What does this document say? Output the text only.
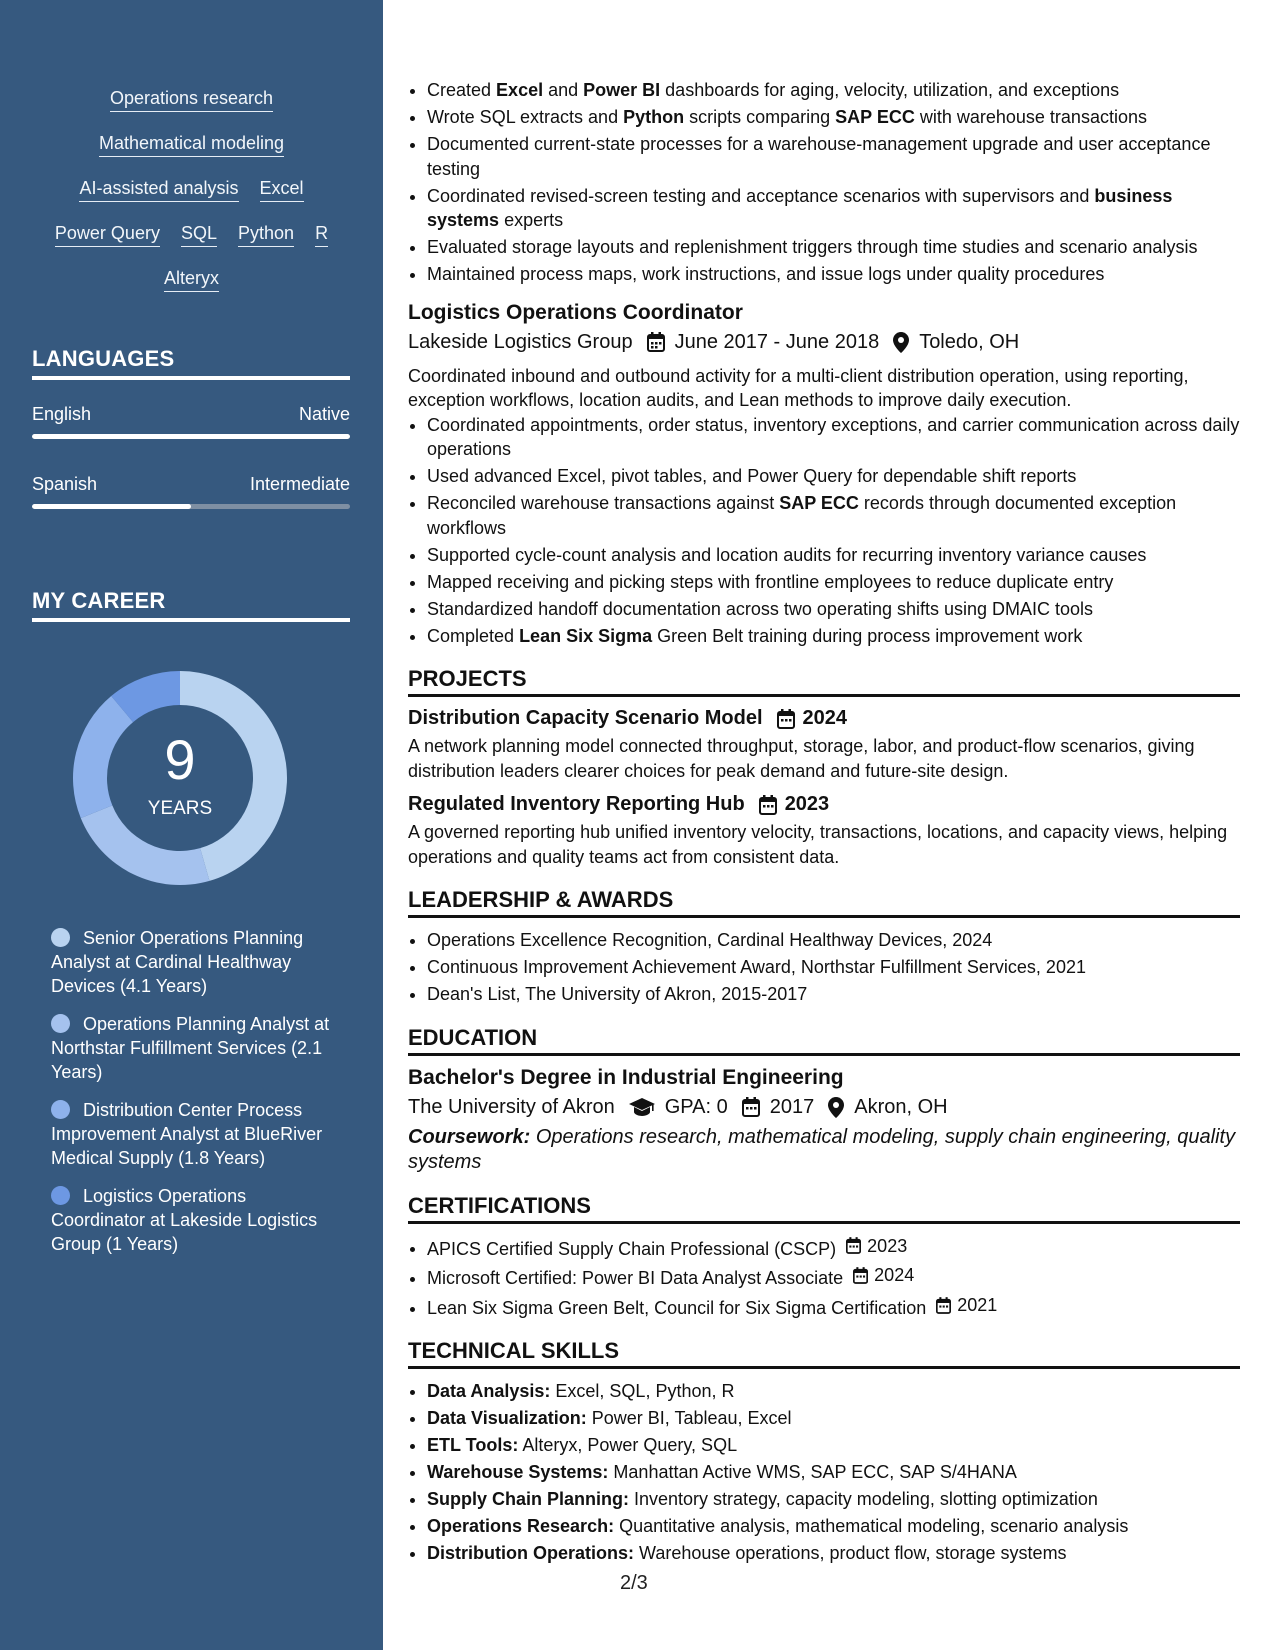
Operations research
Mathematical modeling
AI-assisted analysis Excel
Power Query SQL Python R
Alteryx
LANGUAGES
English	Native
Spanish	Intermediate
MY CAREER
9
YEARS
Senior Operations Planning Analyst at Cardinal Healthway Devices (4.1 Years)
Operations Planning Analyst at Northstar Fulfillment Services (2.1 Years)
Distribution Center Process Improvement Analyst at BlueRiver Medical Supply (1.8 Years)
Logistics Operations Coordinator at Lakeside Logistics Group (1 Years)
• Created Excel and Power BI dashboards for aging, velocity, utilization, and exceptions
• Wrote SQL extracts and Python scripts comparing SAP ECC with warehouse transactions
• Documented current-state processes for a warehouse-management upgrade and user acceptance testing
• Coordinated revised-screen testing and acceptance scenarios with supervisors and business systems experts
• Evaluated storage layouts and replenishment triggers through time studies and scenario analysis
• Maintained process maps, work instructions, and issue logs under quality procedures
Logistics Operations Coordinator
Lakeside Logistics Group June 2017 - June 2018 Toledo, OH
Coordinated inbound and outbound activity for a multi-client distribution operation, using reporting, exception workflows, location audits, and Lean methods to improve daily execution.
• Coordinated appointments, order status, inventory exceptions, and carrier communication across daily operations
• Used advanced Excel, pivot tables, and Power Query for dependable shift reports
• Reconciled warehouse transactions against SAP ECC records through documented exception workflows
• Supported cycle-count analysis and location audits for recurring inventory variance causes
• Mapped receiving and picking steps with frontline employees to reduce duplicate entry
• Standardized handoff documentation across two operating shifts using DMAIC tools
• Completed Lean Six Sigma Green Belt training during process improvement work
PROJECTS
Distribution Capacity Scenario Model 2024
A network planning model connected throughput, storage, labor, and product-flow scenarios, giving distribution leaders clearer choices for peak demand and future-site design.
Regulated Inventory Reporting Hub 2023
A governed reporting hub unified inventory velocity, transactions, locations, and capacity views, helping operations and quality teams act from consistent data.
LEADERSHIP & AWARDS
• Operations Excellence Recognition, Cardinal Healthway Devices, 2024
• Continuous Improvement Achievement Award, Northstar Fulfillment Services, 2021
• Dean's List, The University of Akron, 2015-2017
EDUCATION
Bachelor's Degree in Industrial Engineering
The University of Akron	GPA: 0 2017 Akron, OH
Coursework: Operations research, mathematical modeling, supply chain engineering, quality systems
CERTIFICATIONS
• APICS Certified Supply Chain Professional (CSCP) 2023
• Microsoft Certified: Power BI Data Analyst Associate 2024
• Lean Six Sigma Green Belt, Council for Six Sigma Certification 2021
TECHNICAL SKILLS
• Data Analysis: Excel, SQL, Python, R
• Data Visualization: Power BI, Tableau, Excel
• ETL Tools: Alteryx, Power Query, SQL
• Warehouse Systems: Manhattan Active WMS, SAP ECC, SAP S/4HANA
• Supply Chain Planning: Inventory strategy, capacity modeling, slotting optimization
• Operations Research: Quantitative analysis, mathematical modeling, scenario analysis
• Distribution Operations: Warehouse operations, product flow, storage systems
2/3
